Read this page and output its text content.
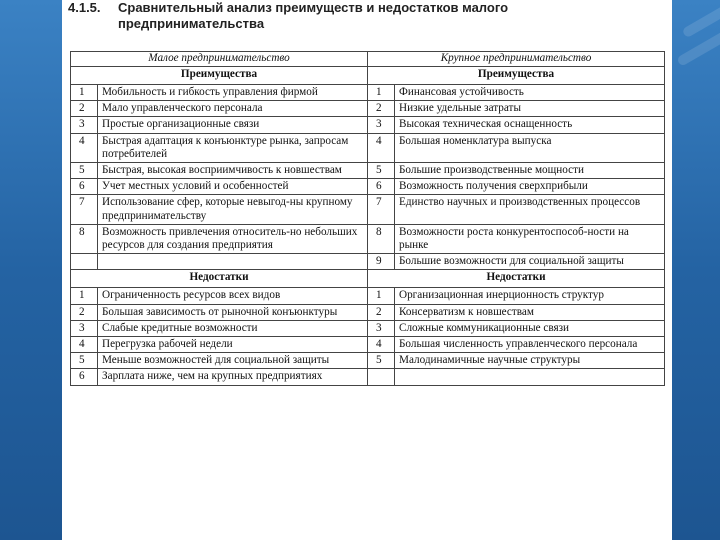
4.1.5. Сравнительный анализ преимуществ и недостатков малого
предпринимательства
Малое предпринимательство		Крупное предпринимательство	
Преимущества		Преимущества	
1	Мобильность и гибкость управления фирмой	1	Финансовая устойчивость
2	Мало управленческого персонала	2	Низкие удельные затраты
3	Простые организационные связи	3	Высокая техническая оснащенность
4	Быстрая адаптация к конъюнктуре рынка, запросам потребителей	4	Большая номенклатура выпуска
5	Быстрая, высокая восприимчивость к новшествам	5	Большие производственные мощности
6	Учет местных условий и особенностей	6	Возможность получения сверхприбыли
7	Использование сфер, которые невыгод-ны крупному предпринимательству	7	Единство научных и производственных процессов
8	Возможность привлечения относитель-но небольших ресурсов для создания предприятия	8	Возможности роста конкурентоспособ-ности на рынке
		9	Большие возможности для социальной защиты
Недостатки		Недостатки	
1	Ограниченность ресурсов всех видов	1	Организационная инерционность структур
2	Большая зависимость от рыночной конъюнктуры	2	Консерватизм к новшествам
3	Слабые кредитные возможности	3	Сложные коммуникационные связи
4	Перегрузка рабочей недели	4	Большая численность управленческого персонала
5	Меньше возможностей для социальной защиты	5	Малодинамичные научные структуры
6	Зарплата ниже, чем на крупных предприятиях		
